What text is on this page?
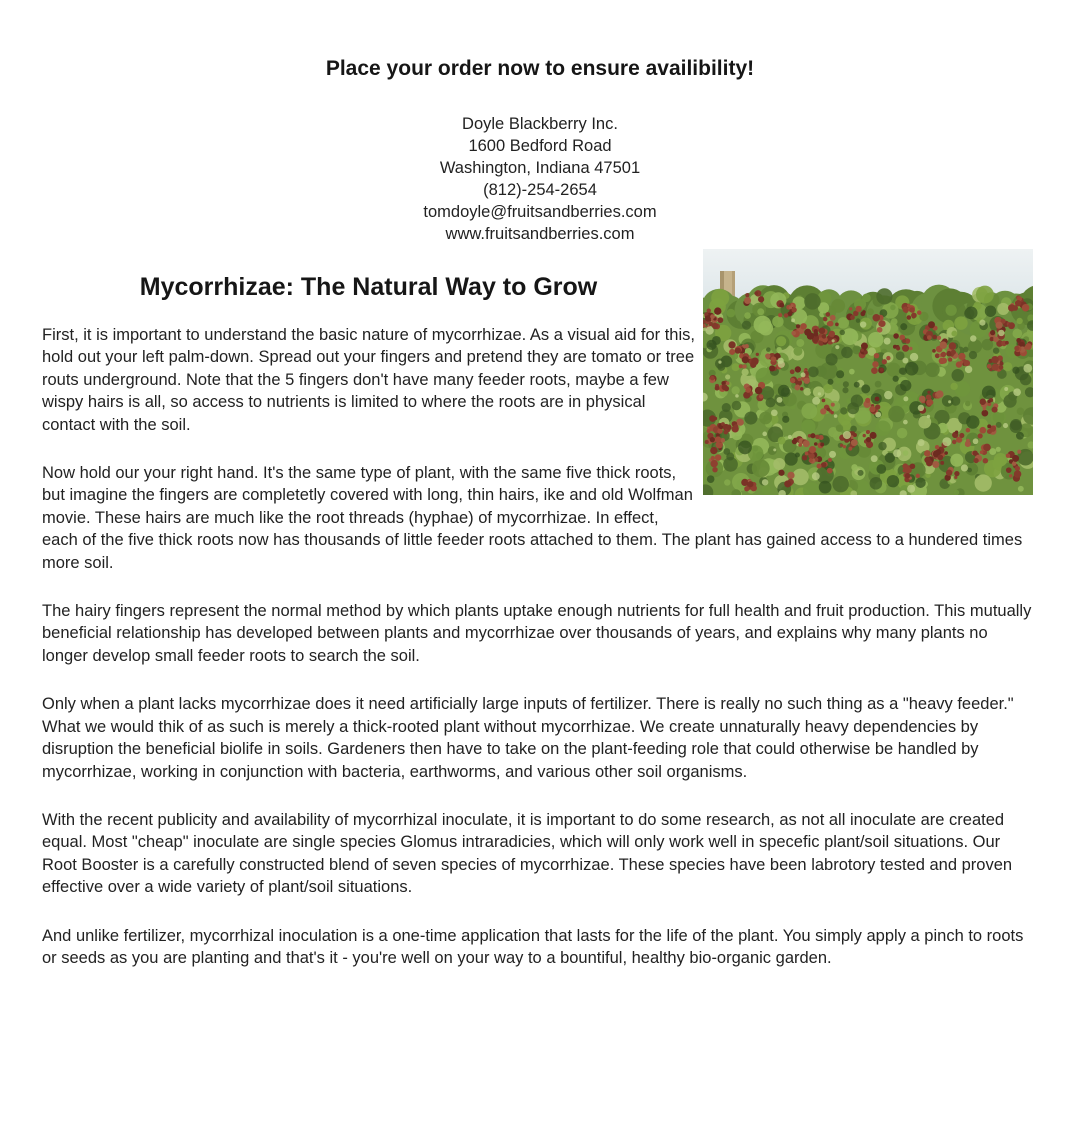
Place your order now to ensure availibility!
Doyle Blackberry Inc.
1600 Bedford Road
Washington, Indiana 47501
(812)-254-2654
tomdoyle@fruitsandberries.com
www.fruitsandberries.com
Mycorrhizae: The Natural Way to Grow

First, it is important to understand the basic nature of mycorrhizae. As a visual aid for this, hold out your left palm-down. Spread out your fingers and pretend they are tomato or tree routs underground. Note that the 5 fingers don't have many feeder roots, maybe a few wispy hairs is all, so access to nutrients is limited to where the roots are in physical contact with the soil.

Now hold our your right hand. It's the same type of plant, with the same five thick roots, but imagine the fingers are completetly covered with long, thin hairs, ike and old Wolfman movie. These hairs are much like the root threads (hyphae) of mycorrhizae. In effect, each of the five thick roots now has thousands of little feeder roots attached to them. The plant has gained access to a hundered times more soil.

The hairy fingers represent the normal method by which plants uptake enough nutrients for full health and fruit production. This mutually beneficial relationship has developed between plants and mycorrhizae over thousands of years, and explains why many plants no longer develop small feeder roots to search the soil.

Only when a plant lacks mycorrhizae does it need artificially large inputs of fertilizer. There is really no such thing as a "heavy feeder." What we would thik of as such is merely a thick-rooted plant without mycorrhizae. We create unnaturally heavy dependencies by disruption the beneficial biolife in soils. Gardeners then have to take on the plant-feeding role that could otherwise be handled by mycorrhizae, working in conjunction with bacteria, earthworms, and various other soil organisms.

With the recent publicity and availability of mycorrhizal inoculate, it is important to do some research, as not all inoculate are created equal. Most "cheap" inoculate are single species Glomus intraradicies, which will only work well in specefic plant/soil situations. Our Root Booster is a carefully constructed blend of seven species of mycorrhizae. These species have been labrotory tested and proven effective over a wide variety of plant/soil situations.

And unlike fertilizer, mycorrhizal inoculation is a one-time application that lasts for the life of the plant. You simply apply a pinch to roots or seeds as you are planting and that's it - you're well on your way to a bountiful, healthy bio-organic garden.
